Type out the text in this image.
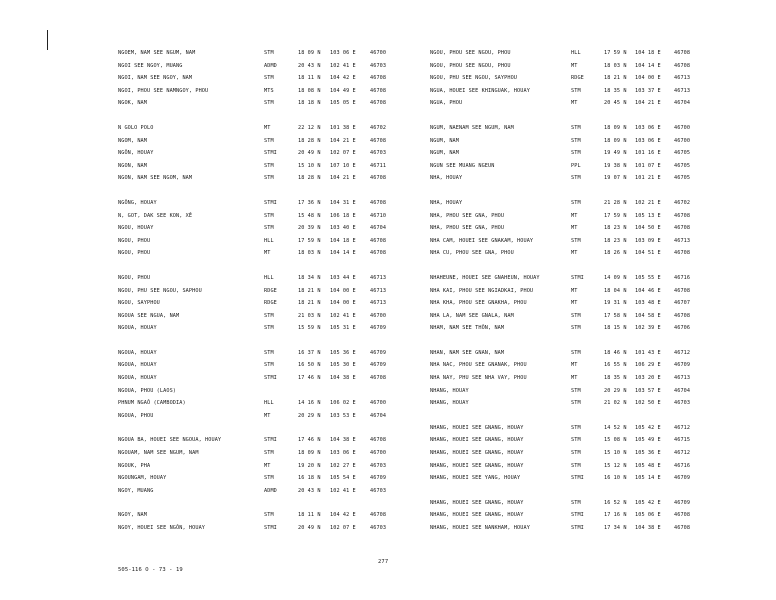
NGOEM, NAM SEE NGUM, NAM	STM	18 09 N 103 06 E	46700
NGOI SEE NGOY, MUANG	ADMD	20 43 N 102 41 E	46703
NGOI, NAM SEE NGOY, NAM	STM	18 11 N 104 42 E	46708
NGOI, PHOU SEE NAMNGOY, PHOU	MTS	18 08 N 104 49 E	46708
NGOK, NAM	STM	18 18 N 105 05 E	46708
N GOLO POLO	MT	22 12 N 101 38 E	46702
NGOM, NAM	STM	18 28 N 104 21 E	46708
NGÔN, HOUAY	STMI	20 49 N 102 07 E	46703
NGON, NAM	STM	15 10 N 107 10 E	46711
NGON, NAM SEE NGOM, NAM	STM	18 28 N 104 21 E	46708
NGÔNG, HOUAY	STMI	17 36 N 104 31 E	46708
N, GOT, DAK SEE KON, XÊ	STM	15 48 N 106 18 E	46710
NGOU, HOUAY	STM	20 39 N 103 40 E	46704
NGOU, PHOU	HLL	17 59 N 104 18 E	46708
NGOU, PHOU	MT	18 03 N 104 14 E	46708
NGOU, PHOU	HLL	18 34 N 103 44 E	46713
NGOU, PHU SEE NGOU, SAPHOU	RDGE	18 21 N 104 00 E	46713
NGOU, SAYPHOU	RDGE	18 21 N 104 00 E	46713
NGOUA SEE NGUA, NAM	STM	21 03 N 102 41 E	46700
NGOUA, HOUAY	STM	15 59 N 105 31 E	46709
NGOUA, HOUAY	STM	16 37 N 105 36 E	46709
NGOUA, HOUAY	STM	16 50 N 105 30 E	46709
NGOUA, HOUAY	STMI	17 46 N 104 38 E	46708
NGOUA, PHOU (LAOS)
PHNUM NGAÔ (CAMBODIA)	HLL	14 16 N 106 02 E	46700
NGOUA, PHOU	MT	20 29 N 103 53 E	46704
NGOUA BA, HOUEI SEE NGOUA, HOUAY	STMI	17 46 N 104 38 E	46708
NGOUAM, NAM SEE NGUM, NAM	STM	18 09 N 103 06 E	46700
NGOUK, PHA	MT	19 20 N 102 27 E	46703
NGOUNGAM, HOUAY	STM	16 18 N 105 54 E	46709
NGOY, MUANG	ADMD	20 43 N 102 41 E	46703
NGOY, NAM	STM	18 11 N 104 42 E	46708
NGOY, HOUEI SEE NGÔN, HOUAY	STMI	20 49 N 102 07 E	46703
NGOU, PHOU SEE NGOU, PHOU	HLL	17 59 N 104 18 E	46708
NGOU, PHOU SEE NGOU, PHOU	MT	18 03 N 104 14 E	46708
NGOU, PHU SEE NGOU, SAYPHOU	RDGE	18 21 N 104 00 E	46713
NGUA, HOUEI SEE KHINGUAK, HOUAY	STM	18 35 N 103 37 E	46713
NGUA, PHOU	MT	20 45 N 104 21 E	46704
NGUM, NAENAM SEE NGUM, NAM	STM	18 09 N 103 06 E	46700
NGUM, NAM	STM	18 09 N 103 06 E	46700
NGUM, NAM	STM	19 49 N 101 16 E	46705
NGUN SEE MUANG NGEUN	PPL	19 38 N 101 07 E	46705
NHA, HOUAY	STM	19 07 N 101 21 E	46705
NHA, HOUAY	STM	21 28 N 102 21 E	46702
NHA, PHOU SEE GNA, PHOU	MT	17 59 N 105 13 E	46708
NHA, PHOU SEE GNA, PHOU	MT	18 23 N 104 50 E	46708
NHA CAM, HOUEI SEE GNAKAM, HOUAY	STM	18 23 N 103 09 E	46713
NHA CU, PHOU SEE GNA, PHOU	MT	18 26 N 104 51 E	46708
NHAHEUNE, HOUEI SEE GNAHEUN, HOUAY	STMI	14 09 N 105 55 E	46716
NHA KAI, PHOU SEE NGIADKAI, PHOU	MT	18 04 N 104 46 E	46708
NHA KHA, PHOU SEE GNAKHA, PHOU	MT	19 31 N 103 48 E	46707
NHA LA, NAM SEE GNALA, NAM	STM	17 58 N 104 58 E	46708
NHAM, NAM SEE THÔN, NAM	STM	18 15 N 102 39 E	46706
NHAN, NAM SEE GNAN, NAM	STM	18 46 N 101 43 E	46712
NHA NAC, PHOU SEE GNANAK, PHOU	MT	16 55 N 106 29 E	46709
NHA NAY, PHU SEE NHA VAY, PHOU	MT	18 35 N 103 20 E	46713
NHANG, HOUAY	STM	20 29 N 103 57 E	46704
NHANG, HOUAY	STM	21 02 N 102 50 E	46703
NHANG, HOUEI SEE GNANG, HOUAY	STM	14 52 N 105 42 E	46712
NHANG, HOUEI SEE GNANG, HOUAY	STM	15 08 N 105 49 E	46715
NHANG, HOUEI SEE GNANG, HOUAY	STM	15 10 N 105 36 E	46712
NHANG, HOUEI SEE GNANG, HOUAY	STM	15 12 N 105 48 E	46716
NHANG, HOUEI SEE YANG, HOUAY	STMI	16 10 N 105 14 E	46709
NHANG, HOUEI SEE GNANG, HOUAY	STM	16 52 N 105 42 E	46709
NHANG, HOUEI SEE GNANG, HOUAY	STMI	17 16 N 105 06 E	46708
NHANG, HOUEI SEE NANKHAM, HOUAY	STMI	17 34 N 104 38 E	46708
277
505-116 O - 73 - 19
